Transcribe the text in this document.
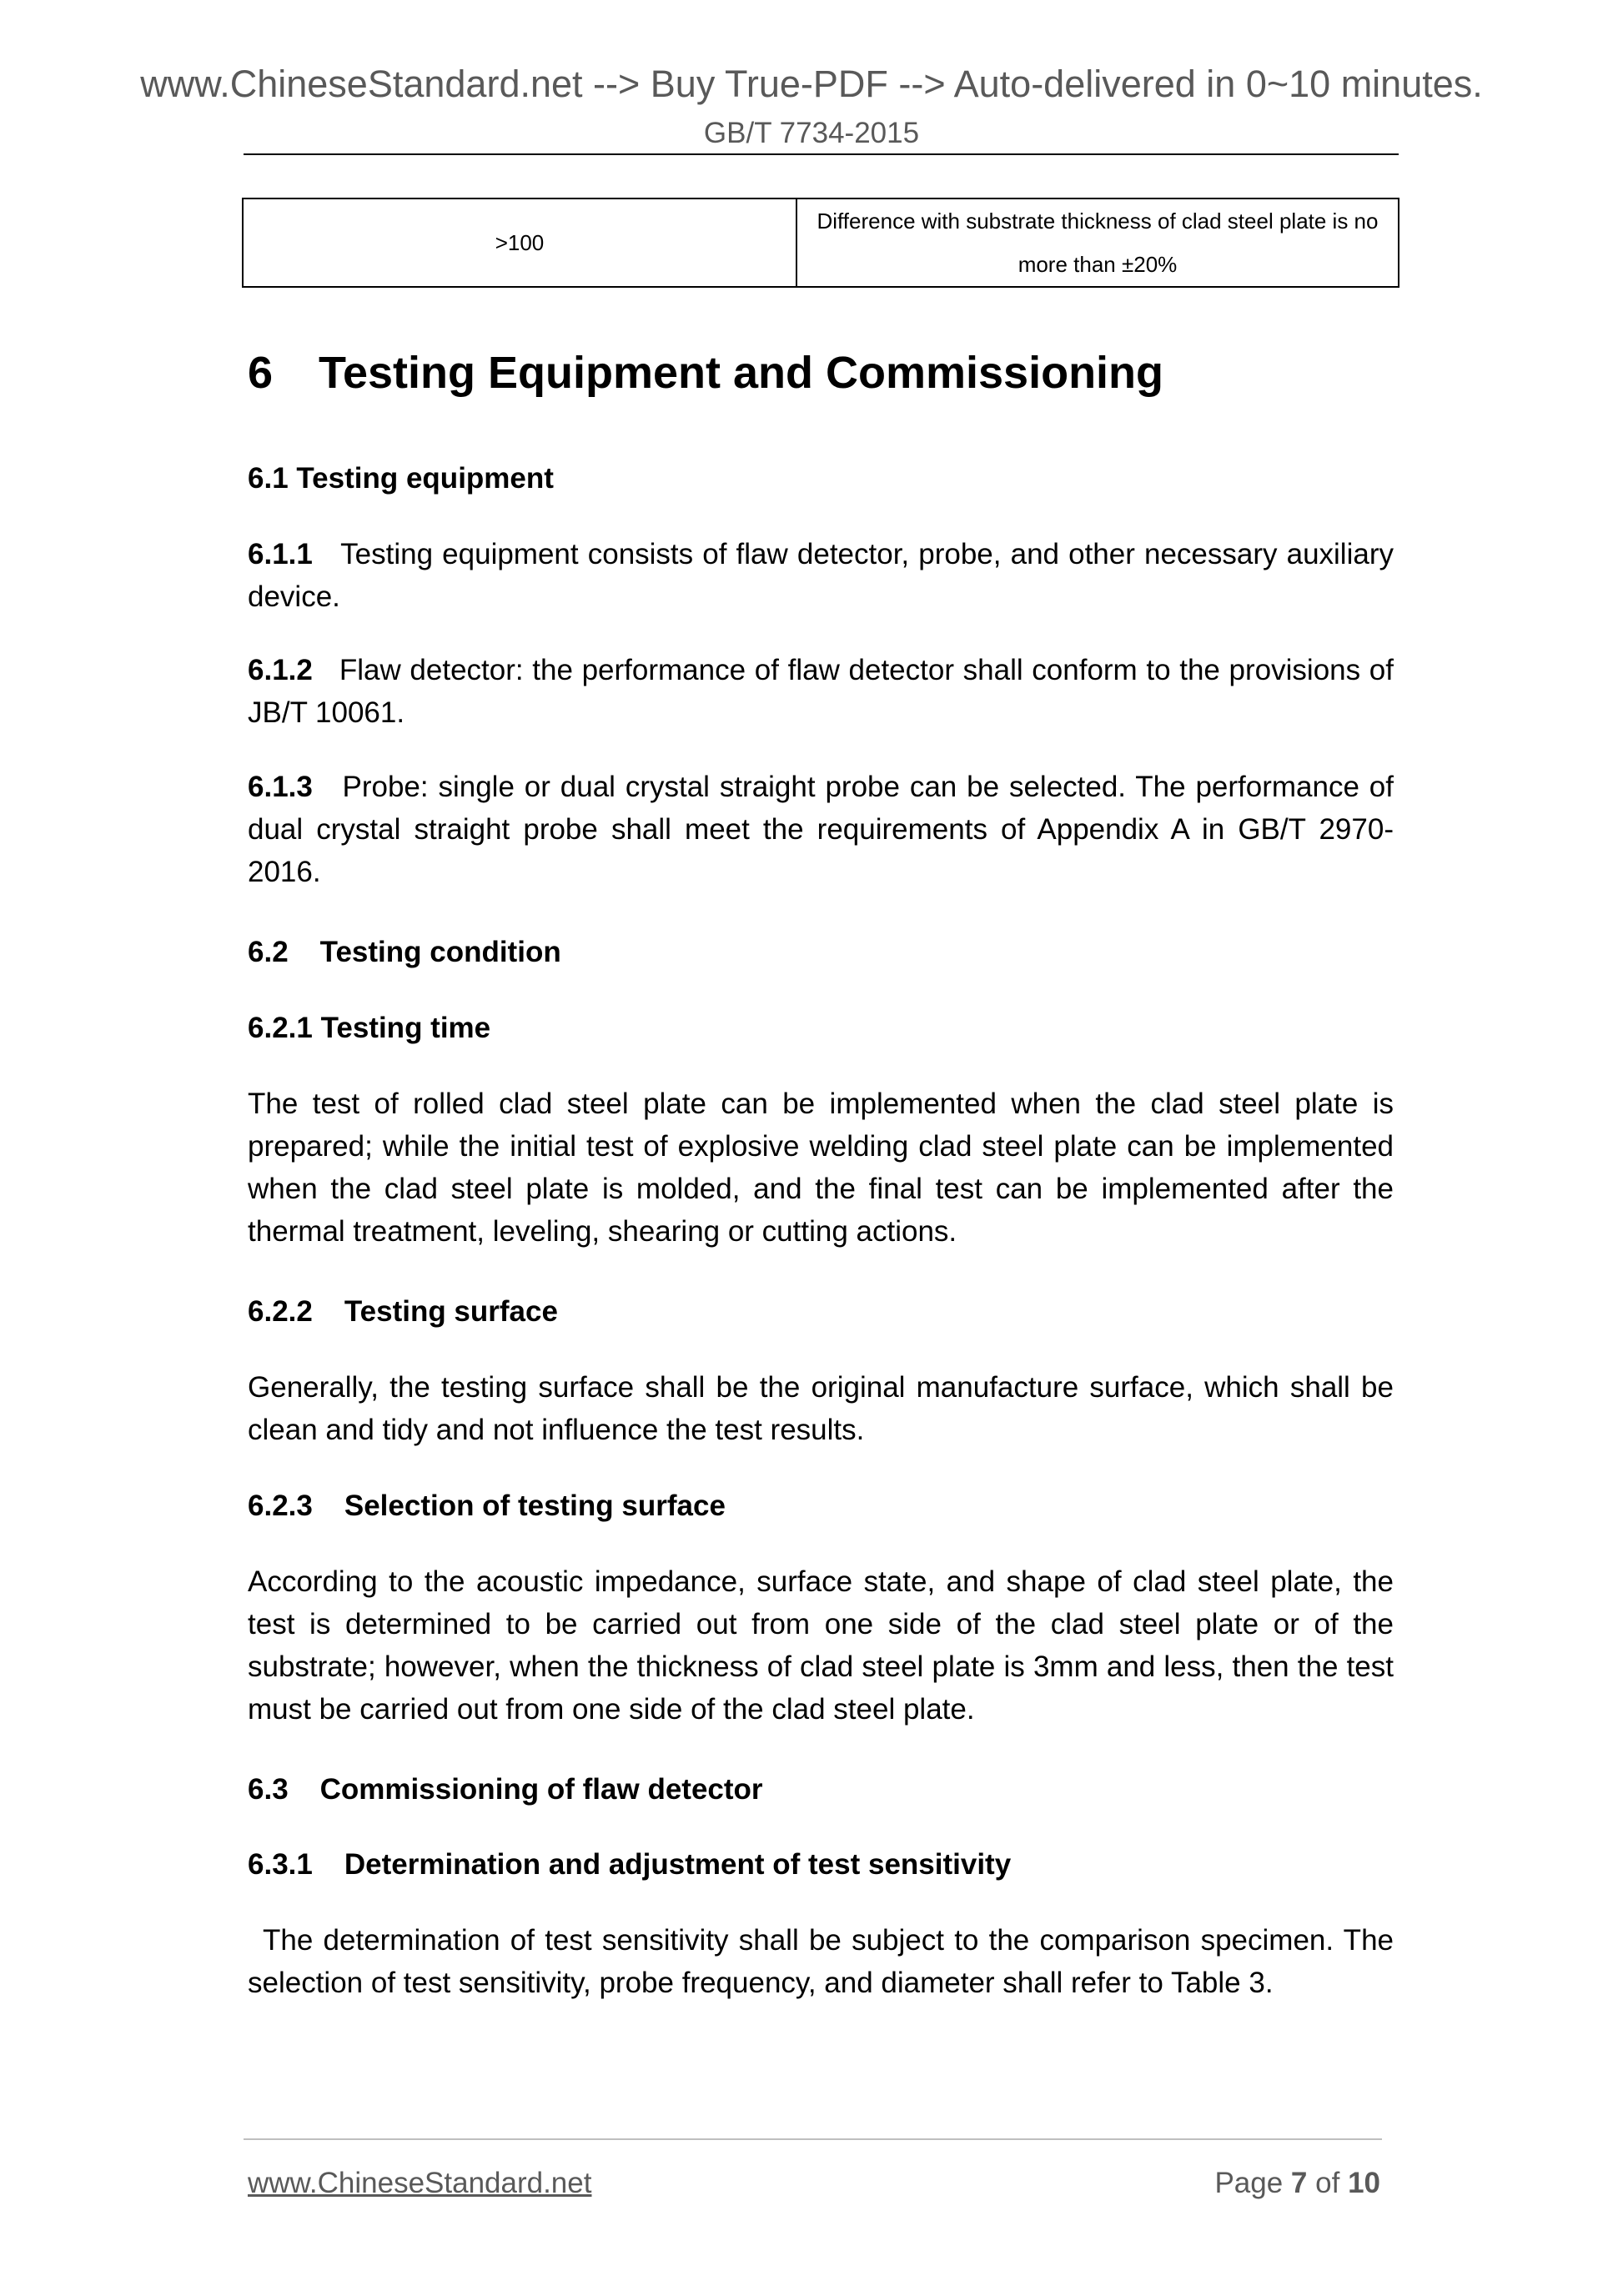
www.ChineseStandard.net --> Buy True-PDF --> Auto-delivered in 0~10 minutes.
GB/T 7734-2015
>100	Difference with substrate thickness of clad steel plate is no more than ±20%
6 Testing Equipment and Commissioning
6.1 Testing equipment
6.1.1 Testing equipment consists of flaw detector, probe, and other necessary auxiliary device.
6.1.2 Flaw detector: the performance of flaw detector shall conform to the provisions of JB/T 10061.
6.1.3 Probe: single or dual crystal straight probe can be selected. The performance of dual crystal straight probe shall meet the requirements of Appendix A in GB/T 2970-2016.
6.2 Testing condition
6.2.1 Testing time
The test of rolled clad steel plate can be implemented when the clad steel plate is prepared; while the initial test of explosive welding clad steel plate can be implemented when the clad steel plate is molded, and the final test can be implemented after the thermal treatment, leveling, shearing or cutting actions.
6.2.2 Testing surface
Generally, the testing surface shall be the original manufacture surface, which shall be clean and tidy and not influence the test results.
6.2.3 Selection of testing surface
According to the acoustic impedance, surface state, and shape of clad steel plate, the test is determined to be carried out from one side of the clad steel plate or of the substrate; however, when the thickness of clad steel plate is 3mm and less, then the test must be carried out from one side of the clad steel plate.
6.3 Commissioning of flaw detector
6.3.1 Determination and adjustment of test sensitivity
The determination of test sensitivity shall be subject to the comparison specimen. The selection of test sensitivity, probe frequency, and diameter shall refer to Table 3.
www.ChineseStandard.net	Page 7 of 10
